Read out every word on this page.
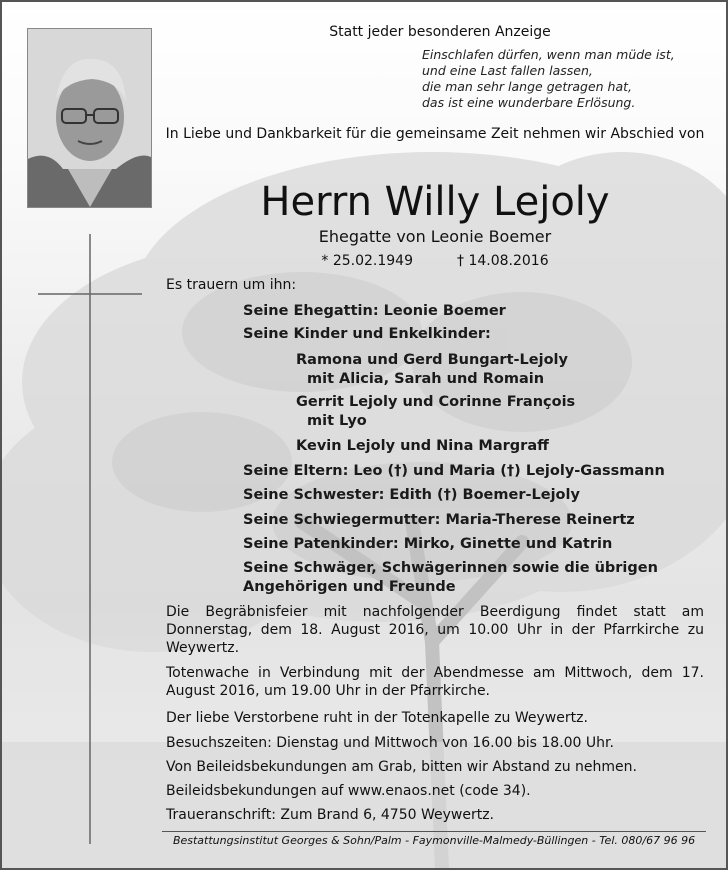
Statt jeder besonderen Anzeige
Einschlafen dürfen, wenn man müde ist,
und eine Last fallen lassen,
die man sehr lange getragen hat,
das ist eine wunderbare Erlösung.
In Liebe und Dankbarkeit für die gemeinsame Zeit nehmen wir Abschied von
Herrn Willy Lejoly
Ehegatte von Leonie Boemer
* 25.02.1949	† 14.08.2016
Es trauern um ihn:
Seine Ehegattin: Leonie Boemer
Seine Kinder und Enkelkinder:
Ramona und Gerd Bungart-Lejoly
mit Alicia, Sarah und Romain
Gerrit Lejoly und Corinne François
mit Lyo
Kevin Lejoly und Nina Margraff
Seine Eltern: Leo (†) und Maria (†) Lejoly-Gassmann
Seine Schwester: Edith (†) Boemer-Lejoly
Seine Schwiegermutter: Maria-Therese Reinertz
Seine Patenkinder: Mirko, Ginette und Katrin
Seine Schwäger, Schwägerinnen sowie die übrigen
Angehörigen und Freunde
Die Begräbnisfeier mit nachfolgender Beerdigung findet statt am Donnerstag, dem 18. August 2016, um 10.00 Uhr in der Pfarrkirche zu Weywertz.
Totenwache in Verbindung mit der Abendmesse am Mittwoch, dem 17. August 2016, um 19.00 Uhr in der Pfarrkirche.
Der liebe Verstorbene ruht in der Totenkapelle zu Weywertz.
Besuchszeiten: Dienstag und Mittwoch von 16.00 bis 18.00 Uhr.
Von Beileidsbekundungen am Grab, bitten wir Abstand zu nehmen.
Beileidsbekundungen auf www.enaos.net (code 34).
Traueranschrift: Zum Brand 6, 4750 Weywertz.
Bestattungsinstitut Georges & Sohn/Palm - Faymonville-Malmedy-Büllingen - Tel. 080/67 96 96
